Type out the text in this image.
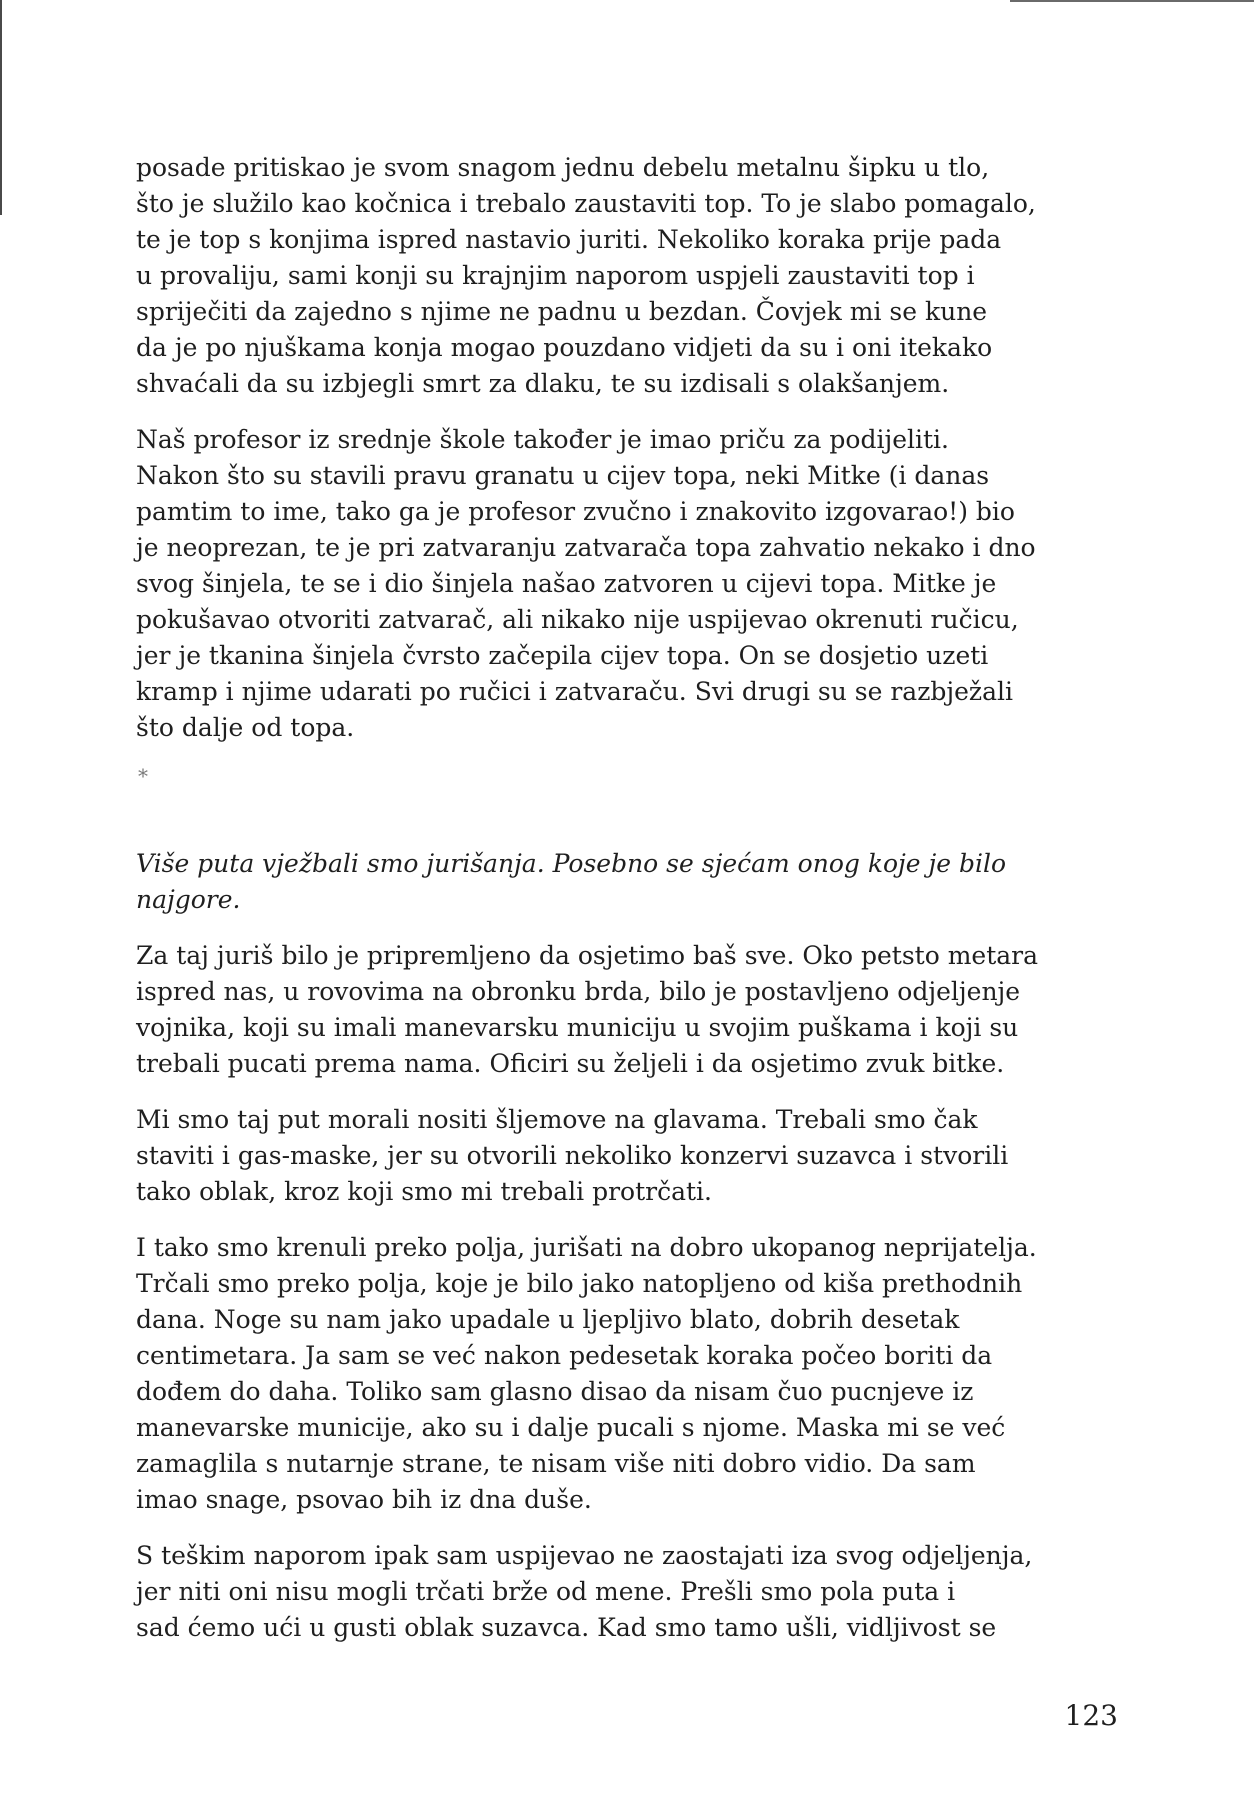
posade pritiskao je svom snagom jednu debelu metalnu šipku u tlo,
što je služilo kao kočnica i trebalo zaustaviti top. To je slabo pomagalo,
te je top s konjima ispred nastavio juriti. Nekoliko koraka prije pada
u provaliju, sami konji su krajnjim naporom uspjeli zaustaviti top i
spriječiti da zajedno s njime ne padnu u bezdan. Čovjek mi se kune
da je po njuškama konja mogao pouzdano vidjeti da su i oni itekako
shvaćali da su izbjegli smrt za dlaku, te su izdisali s olakšanjem.

Naš profesor iz srednje škole također je imao priču za podijeliti.
Nakon što su stavili pravu granatu u cijev topa, neki Mitke (i danas
pamtim to ime, tako ga je profesor zvučno i znakovito izgovarao!) bio
je neoprezan, te je pri zatvaranju zatvarača topa zahvatio nekako i dno
svog šinjela, te se i dio šinjela našao zatvoren u cijevi topa. Mitke je
pokušavao otvoriti zatvarač, ali nikako nije uspijevao okrenuti ručicu,
jer je tkanina šinjela čvrsto začepila cijev topa. On se dosjetio uzeti
kramp i njime udarati po ručici i zatvaraču. Svi drugi su se razbježali
što dalje od topa.

*

Više puta vježbali smo jurišanja. Posebno se sjećam onog koje je bilo
najgore.

Za taj juriš bilo je pripremljeno da osjetimo baš sve. Oko petsto metara
ispred nas, u rovovima na obronku brda, bilo je postavljeno odjeljenje
vojnika, koji su imali manevarsku municiju u svojim puškama i koji su
trebali pucati prema nama. Oficiri su željeli i da osjetimo zvuk bitke.

Mi smo taj put morali nositi šljemove na glavama. Trebali smo čak
staviti i gas-maske, jer su otvorili nekoliko konzervi suzavca i stvorili
tako oblak, kroz koji smo mi trebali protrčati.

I tako smo krenuli preko polja, jurišati na dobro ukopanog neprijatelja.
Trčali smo preko polja, koje je bilo jako natopljeno od kiša prethodnih
dana. Noge su nam jako upadale u ljepljivo blato, dobrih desetak
centimetara. Ja sam se već nakon pedesetak koraka počeo boriti da
dođem do daha. Toliko sam glasno disao da nisam čuo pucnjeve iz
manevarske municije, ako su i dalje pucali s njome. Maska mi se već
zamaglila s nutarnje strane, te nisam više niti dobro vidio. Da sam
imao snage, psovao bih iz dna duše.

S teškim naporom ipak sam uspijevao ne zaostajati iza svog odjeljenja,
jer niti oni nisu mogli trčati brže od mene. Prešli smo pola puta i
sad ćemo ući u gusti oblak suzavca. Kad smo tamo ušli, vidljivost se

123
